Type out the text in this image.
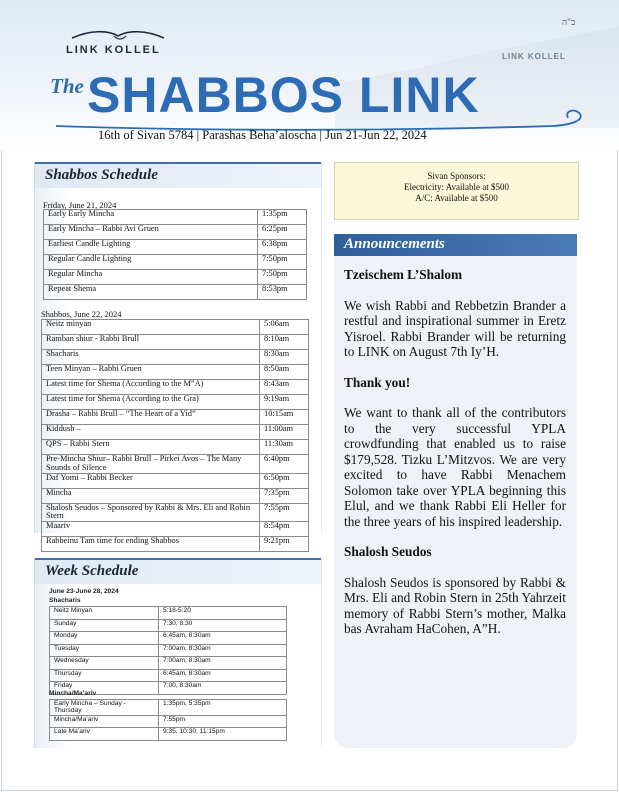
LINK KOLLEL
ב"ה
LINK KOLLEL
The SHABBOS LINK
16th of Sivan 5784 | Parashas Beha’aloscha | Jun 21-Jun 22, 2024
Shabbos Schedule
Friday, June 21, 2024
Early Early Mincha	1:35pm
Early Mincha – Rabbi Avi Gruen	6:25pm
Earliest Candle Lighting	6:38pm
Regular Candle Lighting	7:50pm
Regular Mincha	7:50pm
Repeat Shema	8:53pm
Shabbos, June 22, 2024
Neitz minyan	5:06am
Ramban shiur - Rabbi Brull	8:10am
Shacharis	8:30am
Teen Minyan – Rabbi Gruen	8:50am
Latest time for Shema (According to the M”A)	8:43am
Latest time for Shema (According to the Gra)	9:19am
Drasha – Rabbi Brull – “The Heart of a Yid”	10:15am
Kiddush –	11:00am
QPS – Rabbi Stern	11:30am
Pre-Mincha Shiur– Rabbi Brull – Pirkei Avos – The Many Sounds of Silence	6:40pm
Daf Yomi – Rabbi Becker	6:50pm
Mincha	7:35pm
Shalosh Seudos – Sponsored by Rabbi & Mrs. Eli and Robin Stern	7:55pm
Maariv	8:54pm
Rabbeinu Tam time for ending Shabbos	9:21pm
Week Schedule
June 23-June 28, 2024
Shacharis
Neitz Minyan	5:18-5:20
Sunday	7:30, 8:30
Monday	6:45am, 8:30am
Tuesday	7:00am, 8:30am
Wednesday	7:00am, 8:30am
Thursday	6:45am, 8:30am
Friday	7:00, 8:30am
Mincha/Ma’ariv
Early Mincha – Sunday - Thursday	1:35pm, 5:35pm
Mincha/Ma’ariv	7:55pm
Late Ma’ariv	9:35, 10:30, 11:15pm
Sivan Sponsors:
Electricity: Available at $500
A/C: Available at $500
Announcements
Tzeischem L’Shalom

We wish Rabbi and Rebbetzin Brander a restful and inspirational summer in Eretz Yisroel. Rabbi Brander will be returning to LINK on August 7th Iy’H.

Thank you!

We want to thank all of the contributors to the very successful YPLA crowdfunding that enabled us to raise $179,528. Tizku L’Mitzvos. We are very excited to have Rabbi Menachem Solomon take over YPLA beginning this Elul, and we thank Rabbi Eli Heller for the three years of his inspired leadership.

Shalosh Seudos

Shalosh Seudos is sponsored by Rabbi & Mrs. Eli and Robin Stern in 25th Yahrzeit memory of Rabbi Stern’s mother, Malka bas Avraham HaCohen, A”H.
